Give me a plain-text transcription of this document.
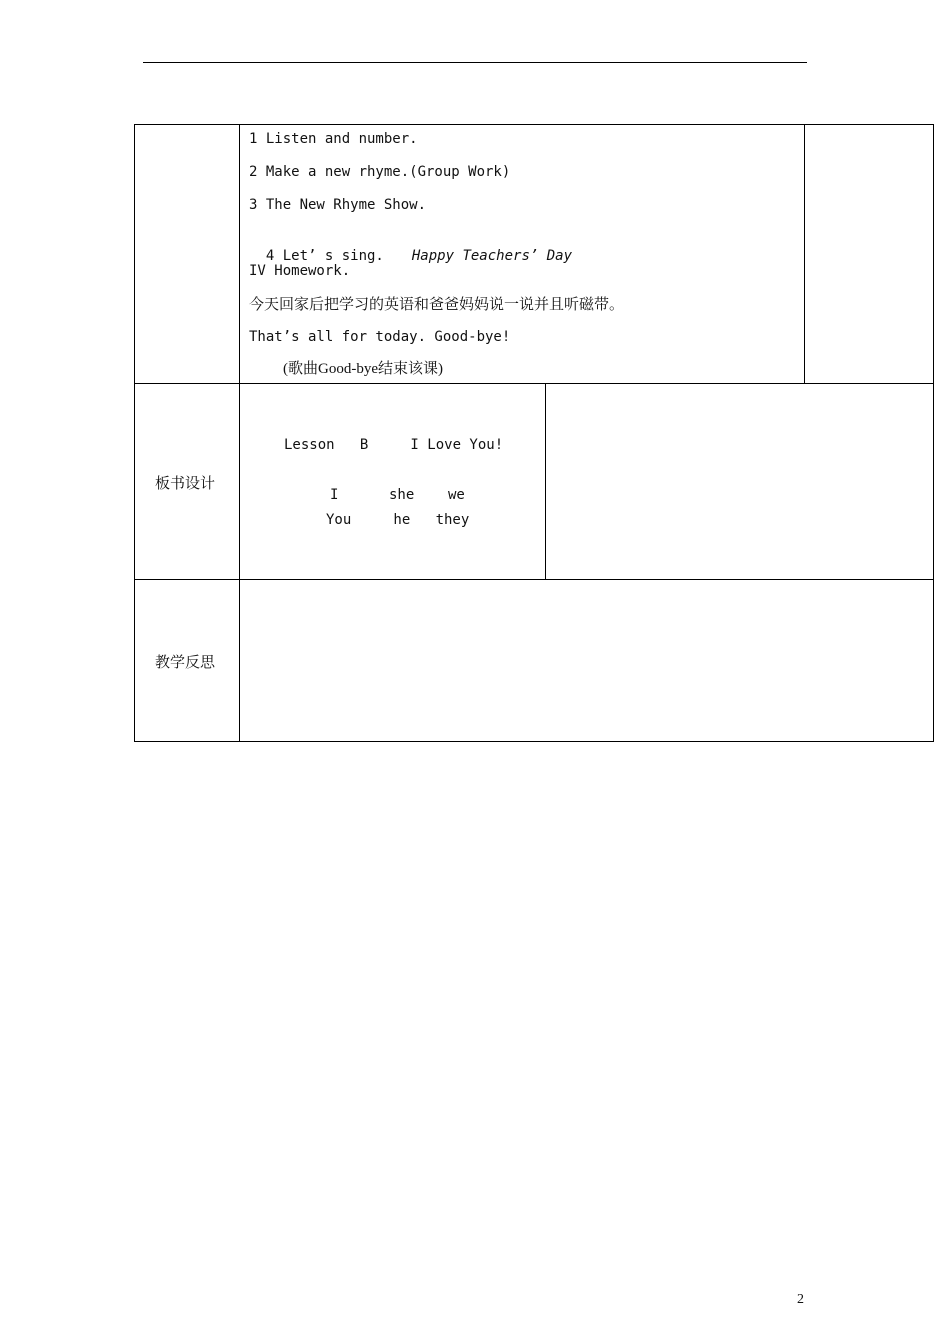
1 Listen and number.
2 Make a new rhyme.(Group Work)
3 The New Rhyme Show.

4 Let’ s sing. Happy Teachers’ Day

IV Homework.
今天回家后把学习的英语和爸爸妈妈说一说并且听磁带。
That’s all for today. Good-bye!
(歌曲Good-bye结束该课)
板书设计
Lesson   B     I Love You!
I      she    we
You     he   they
教学反思
2
